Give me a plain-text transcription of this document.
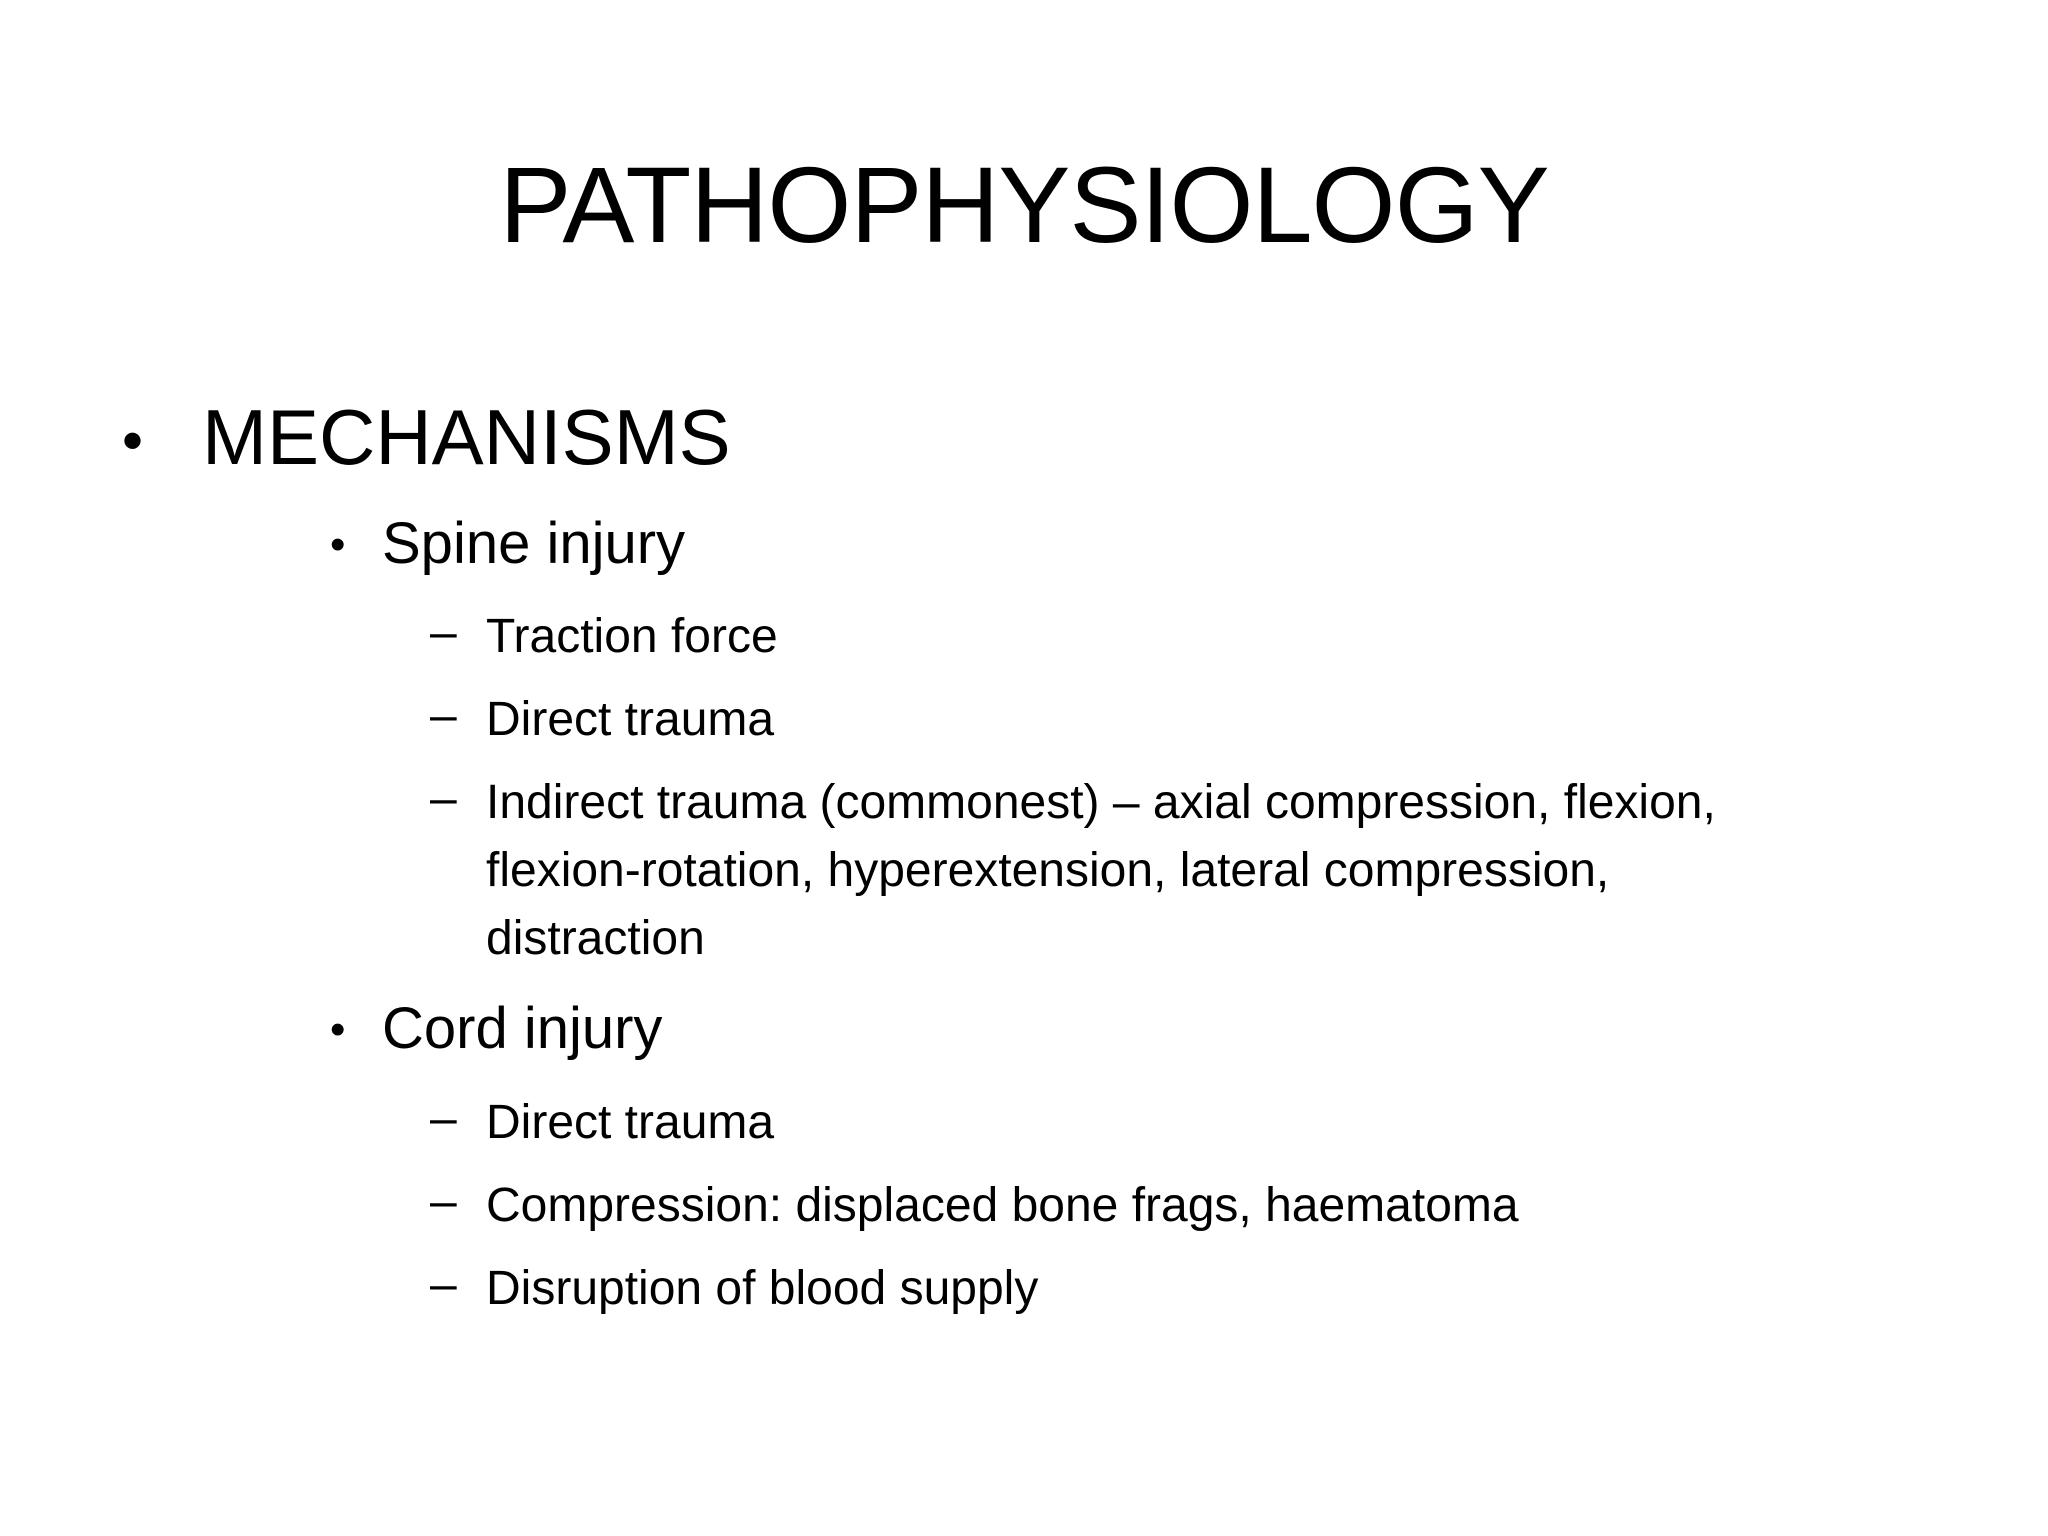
PATHOPHYSIOLOGY
• MECHANISMS
• Spine injury
– Traction force
– Direct trauma
– Indirect trauma (commonest) – axial compression, flexion,
flexion-rotation, hyperextension, lateral compression,
distraction
• Cord injury
– Direct trauma
– Compression: displaced bone frags, haematoma
– Disruption of blood supply
